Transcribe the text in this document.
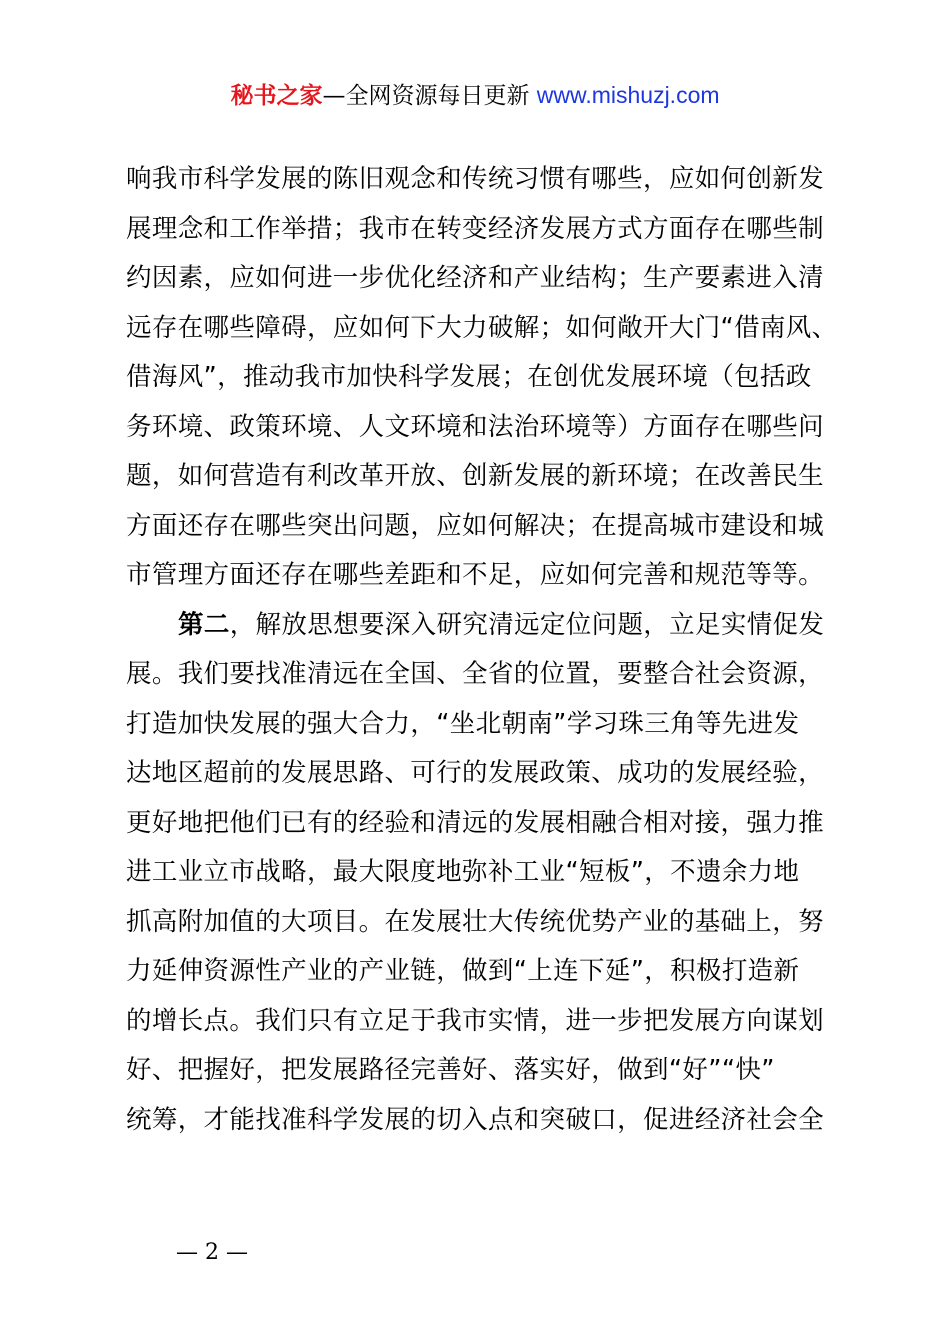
秘书之家—全网资源每日更新 www.mishuzj.com
响我市科学发展的陈旧观念和传统习惯有哪些，应如何创新发
展理念和工作举措；我市在转变经济发展方式方面存在哪些制
约因素，应如何进一步优化经济和产业结构；生产要素进入清
远存在哪些障碍，应如何下大力破解；如何敞开大门“借南风、
借海风”，推动我市加快科学发展；在创优发展环境（包括政
务环境、政策环境、人文环境和法治环境等）方面存在哪些问
题，如何营造有利改革开放、创新发展的新环境；在改善民生
方面还存在哪些突出问题，应如何解决；在提高城市建设和城
市管理方面还存在哪些差距和不足，应如何完善和规范等等。
第二，解放思想要深入研究清远定位问题，立足实情促发
展。我们要找准清远在全国、全省的位置，要整合社会资源，
打造加快发展的强大合力，“坐北朝南”学习珠三角等先进发
达地区超前的发展思路、可行的发展政策、成功的发展经验，
更好地把他们已有的经验和清远的发展相融合相对接，强力推
进工业立市战略，最大限度地弥补工业“短板”，不遗余力地
抓高附加值的大项目。在发展壮大传统优势产业的基础上，努
力延伸资源性产业的产业链，做到“上连下延”，积极打造新
的增长点。我们只有立足于我市实情，进一步把发展方向谋划
好、把握好，把发展路径完善好、落实好，做到“好”“快”
统筹，才能找准科学发展的切入点和突破口，促进经济社会全
— 2 —
